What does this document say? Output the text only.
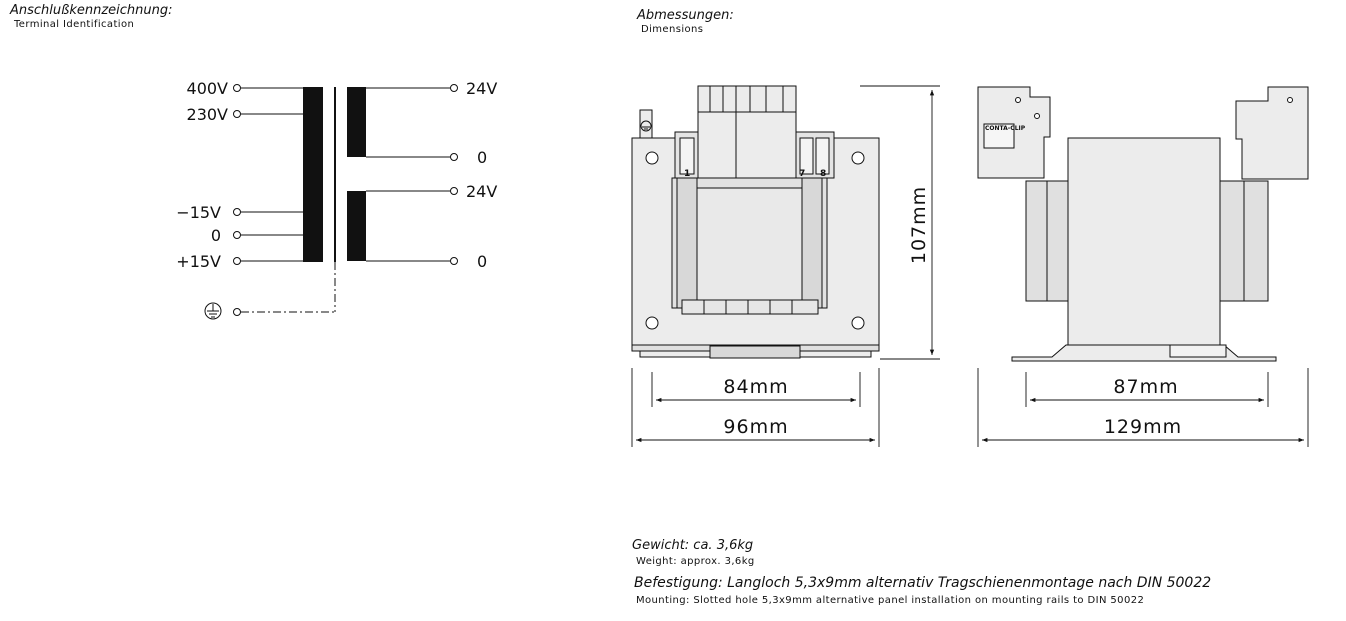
Anschlußkennzeichnung:
Terminal Identification
Abmessungen:
Dimensions
Gewicht: ca. 3,6kg
Weight: approx. 3,6kg
Befestigung: Langloch 5,3x9mm alternativ Tragschienenmontage nach DIN 50022
Mounting: Slotted hole 5,3x9mm alternative panel installation on mounting rails to DIN 50022
400V
230V
−15V
0
+15V
24V
0
24V
0
1	7 8
CONTA-CLIP
84mm
96mm
87mm
129mm
107mm
